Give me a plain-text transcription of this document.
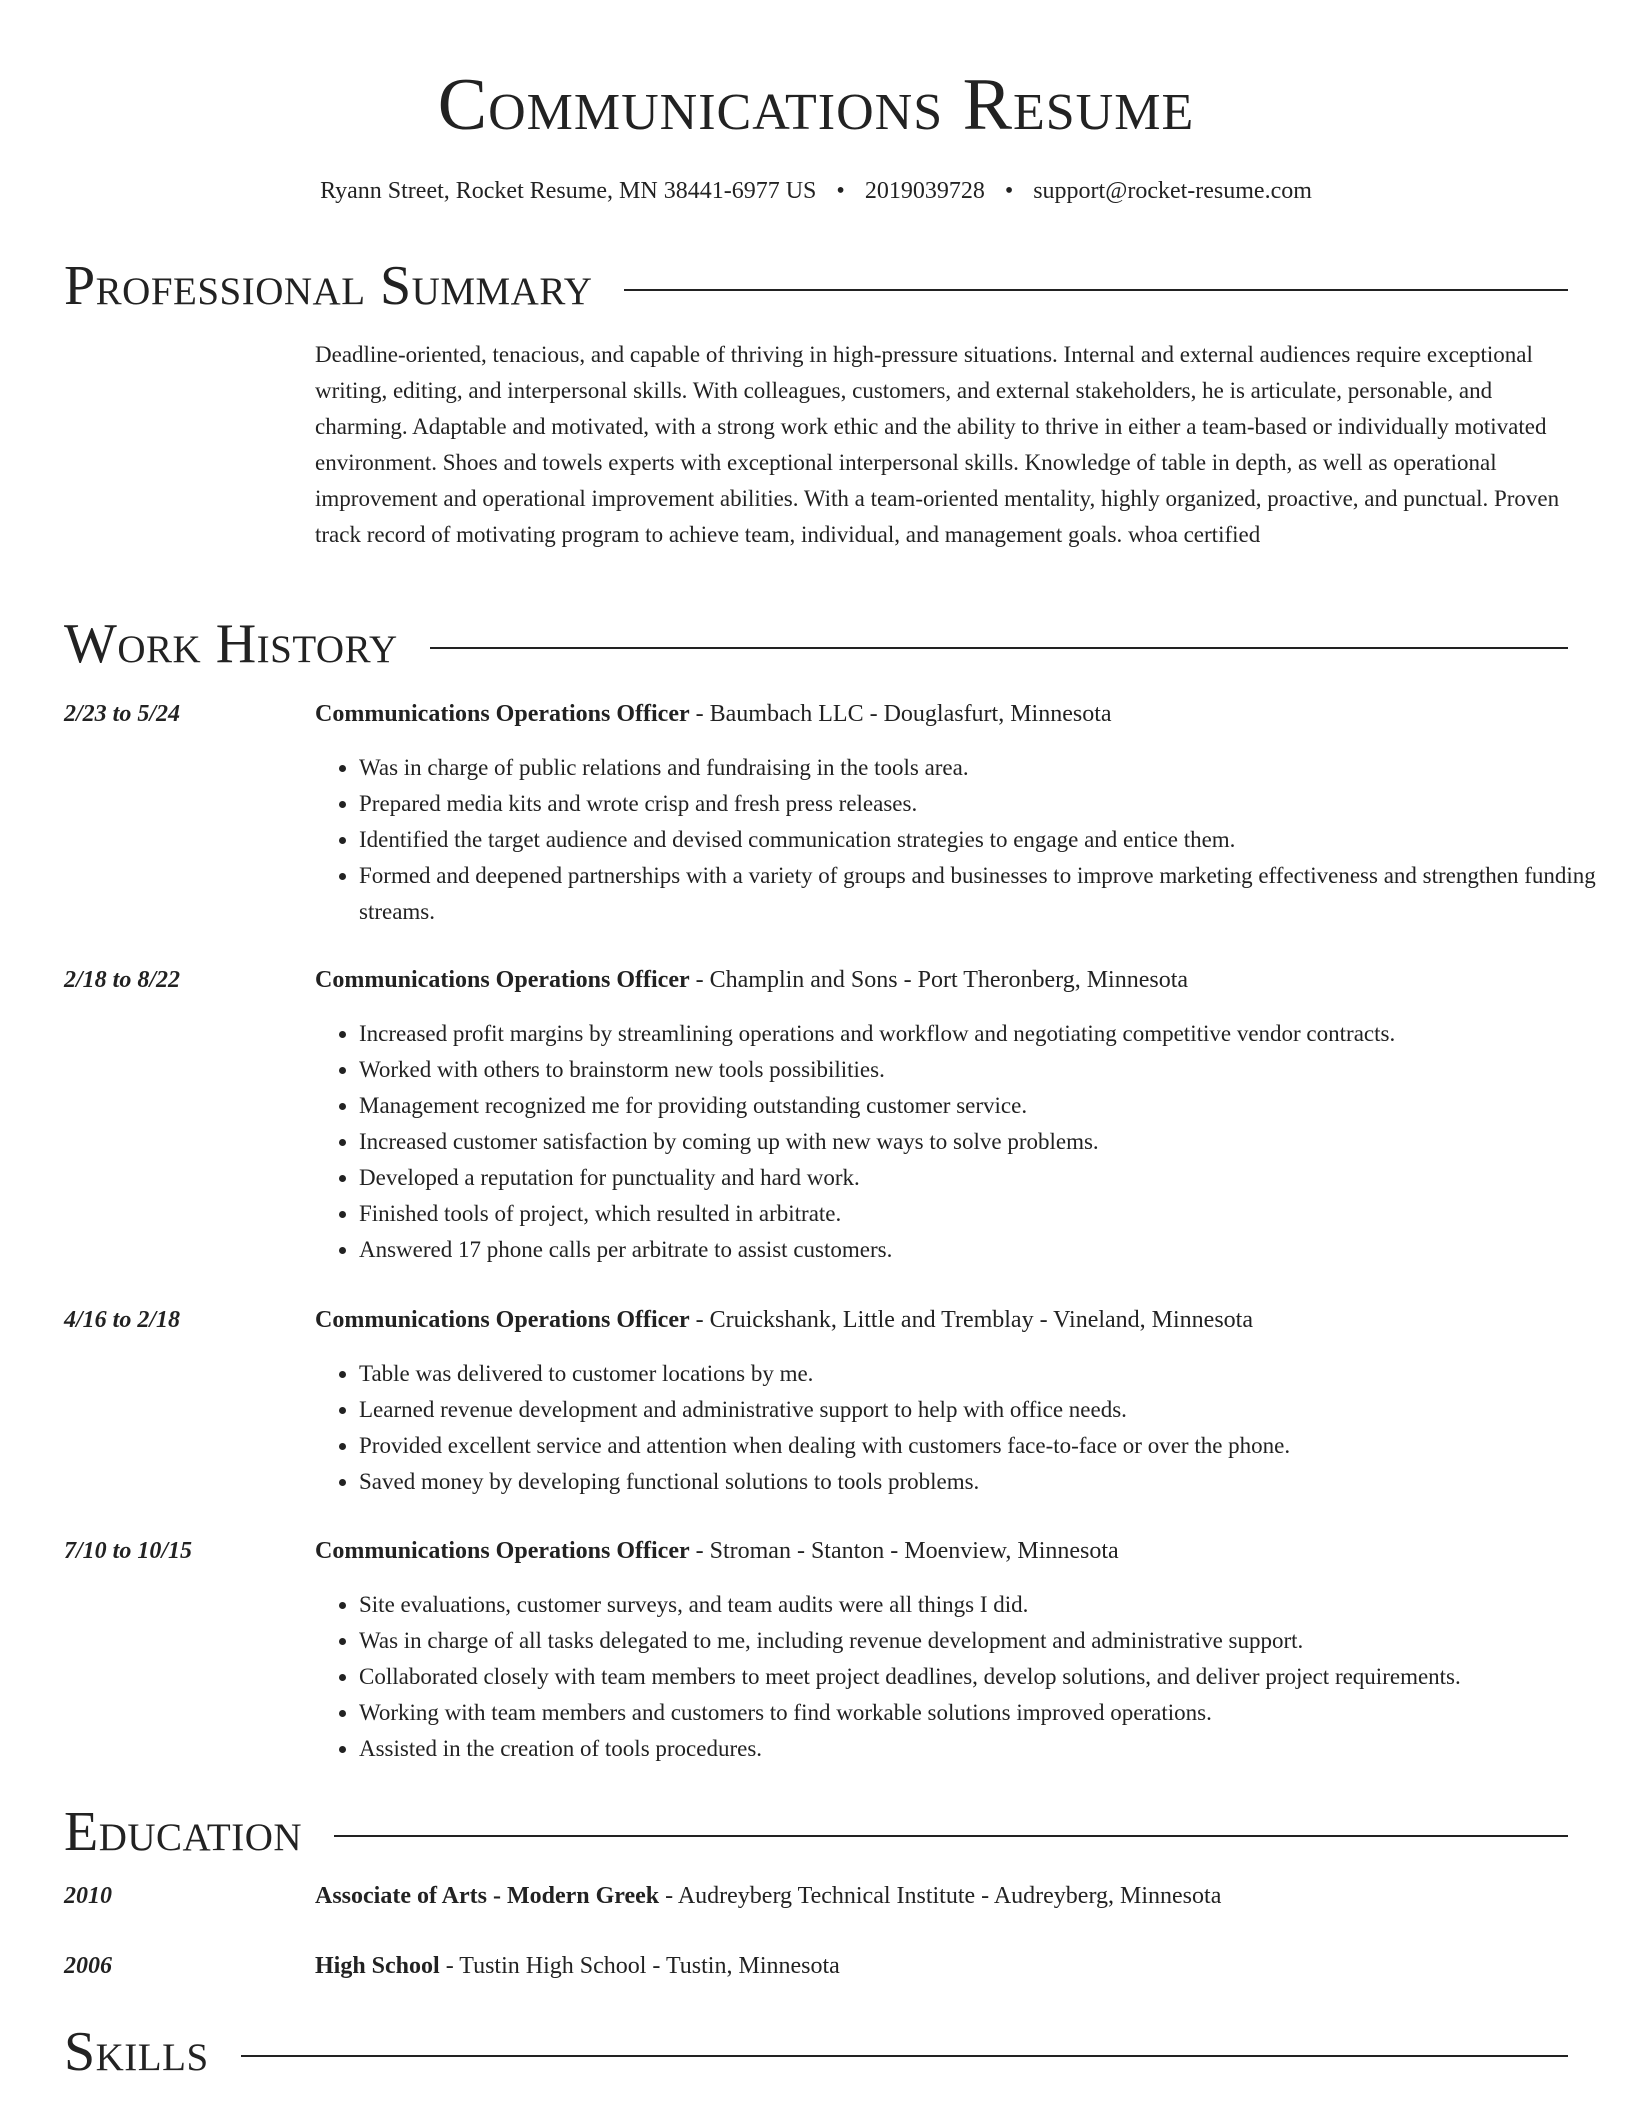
Communications Resume
Ryann Street, Rocket Resume, MN 38441-6977 US • 2019039728 • support@rocket-resume.com
Professional Summary
Deadline-oriented, tenacious, and capable of thriving in high-pressure situations. Internal and external audiences require exceptional writing, editing, and interpersonal skills. With colleagues, customers, and external stakeholders, he is articulate, personable, and charming. Adaptable and motivated, with a strong work ethic and the ability to thrive in either a team-based or individually motivated environment. Shoes and towels experts with exceptional interpersonal skills. Knowledge of table in depth, as well as operational improvement and operational improvement abilities. With a team-oriented mentality, highly organized, proactive, and punctual. Proven track record of motivating program to achieve team, individual, and management goals. whoa certified
Work History
2/23 to 5/24	Communications Operations Officer - Baumbach LLC - Douglasfurt, Minnesota
• Was in charge of public relations and fundraising in the tools area.
• Prepared media kits and wrote crisp and fresh press releases.
• Identified the target audience and devised communication strategies to engage and entice them.
• Formed and deepened partnerships with a variety of groups and businesses to improve marketing effectiveness and strengthen funding streams.
2/18 to 8/22	Communications Operations Officer - Champlin and Sons - Port Theronberg, Minnesota
• Increased profit margins by streamlining operations and workflow and negotiating competitive vendor contracts.
• Worked with others to brainstorm new tools possibilities.
• Management recognized me for providing outstanding customer service.
• Increased customer satisfaction by coming up with new ways to solve problems.
• Developed a reputation for punctuality and hard work.
• Finished tools of project, which resulted in arbitrate.
• Answered 17 phone calls per arbitrate to assist customers.
4/16 to 2/18	Communications Operations Officer - Cruickshank, Little and Tremblay - Vineland, Minnesota
• Table was delivered to customer locations by me.
• Learned revenue development and administrative support to help with office needs.
• Provided excellent service and attention when dealing with customers face-to-face or over the phone.
• Saved money by developing functional solutions to tools problems.
7/10 to 10/15	Communications Operations Officer - Stroman - Stanton - Moenview, Minnesota
• Site evaluations, customer surveys, and team audits were all things I did.
• Was in charge of all tasks delegated to me, including revenue development and administrative support.
• Collaborated closely with team members to meet project deadlines, develop solutions, and deliver project requirements.
• Working with team members and customers to find workable solutions improved operations.
• Assisted in the creation of tools procedures.
Education
2010	Associate of Arts - Modern Greek - Audreyberg Technical Institute - Audreyberg, Minnesota
2006	High School - Tustin High School - Tustin, Minnesota
Skills
